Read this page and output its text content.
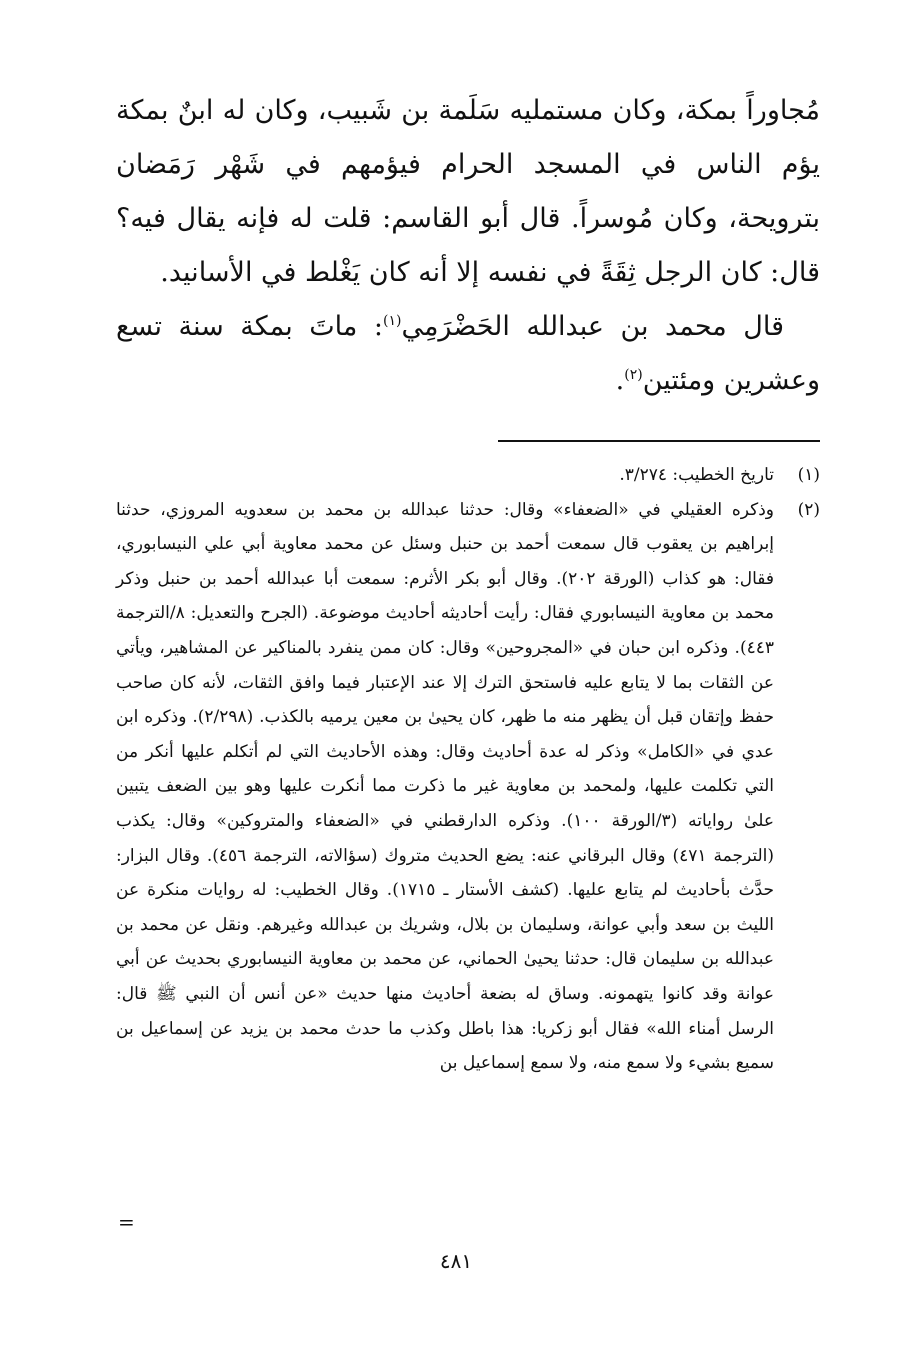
مُجاوراً بمكة، وكان مستمليه سَلَمة بن شَبيب، وكان له ابنٌ بمكة يؤم الناس في المسجد الحرام فيؤمهم في شَهْر رَمَضان بترويحة، وكان مُوسراً. قال أبو القاسم: قلت له فإنه يقال فيه؟ قال: كان الرجل ثِقَةً في نفسه إلا أنه كان يَغْلط في الأسانيد.

قال محمد بن عبدالله الحَضْرَمِي$^{(١)}$: ماتَ بمكة سنة تسع وعشرين ومئتين$^{(٢)}$.

(١)
تاريخ الخطيب: ٣/٢٧٤.
(٢)
وذكره العقيلي في «الضعفاء» وقال: حدثنا عبدالله بن محمد بن سعدويه المروزي، حدثنا إبراهيم بن يعقوب قال سمعت أحمد بن حنبل وسئل عن محمد معاوية أبي علي النيسابوري، فقال: هو كذاب (الورقة ٢٠٢). وقال أبو بكر الأثرم: سمعت أبا عبدالله أحمد بن حنبل وذكر محمد بن معاوية النيسابوري فقال: رأيت أحاديثه أحاديث موضوعة. (الجرح والتعديل: ٨/الترجمة ٤٤٣). وذكره ابن حبان في «المجروحين» وقال: كان ممن ينفرد بالمناكير عن المشاهير، ويأتي عن الثقات بما لا يتابع عليه فاستحق الترك إلا عند الإعتبار فيما وافق الثقات، لأنه كان صاحب حفظ وإتقان قبل أن يظهر منه ما ظهر، كان يحيىٰ بن معين يرميه بالكذب. (٢/٢٩٨). وذكره ابن عدي في «الكامل» وذكر له عدة أحاديث وقال: وهذه الأحاديث التي لم أتكلم عليها أنكر من التي تكلمت عليها، ولمحمد بن معاوية غير ما ذكرت مما أنكرت عليها وهو بين الضعف يتبين علىٰ رواياته (٣/الورقة ١٠٠). وذكره الدارقطني في «الضعفاء والمتروكين» وقال: يكذب (الترجمة ٤٧١) وقال البرقاني عنه: يضع الحديث متروك (سؤالاته، الترجمة ٤٥٦). وقال البزار: حدَّث بأحاديث لم يتابع عليها. (كشف الأستار ـ ١٧١٥). وقال الخطيب: له روايات منكرة عن الليث بن سعد وأبي عوانة، وسليمان بن بلال، وشريك بن عبدالله وغيرهم. ونقل عن محمد بن عبدالله بن سليمان قال: حدثنا يحيىٰ الحماني، عن محمد بن معاوية النيسابوري بحديث عن أبي عوانة وقد كانوا يتهمونه. وساق له بضعة أحاديث منها حديث «عن أنس أن النبي ﷺ قال: الرسل أمناء الله» فقال أبو زكريا: هذا باطل وكذب ما حدث محمد بن يزيد عن إسماعيل بن سميع بشيء ولا سمع منه، ولا سمع إسماعيل بن
=
٤٨١
